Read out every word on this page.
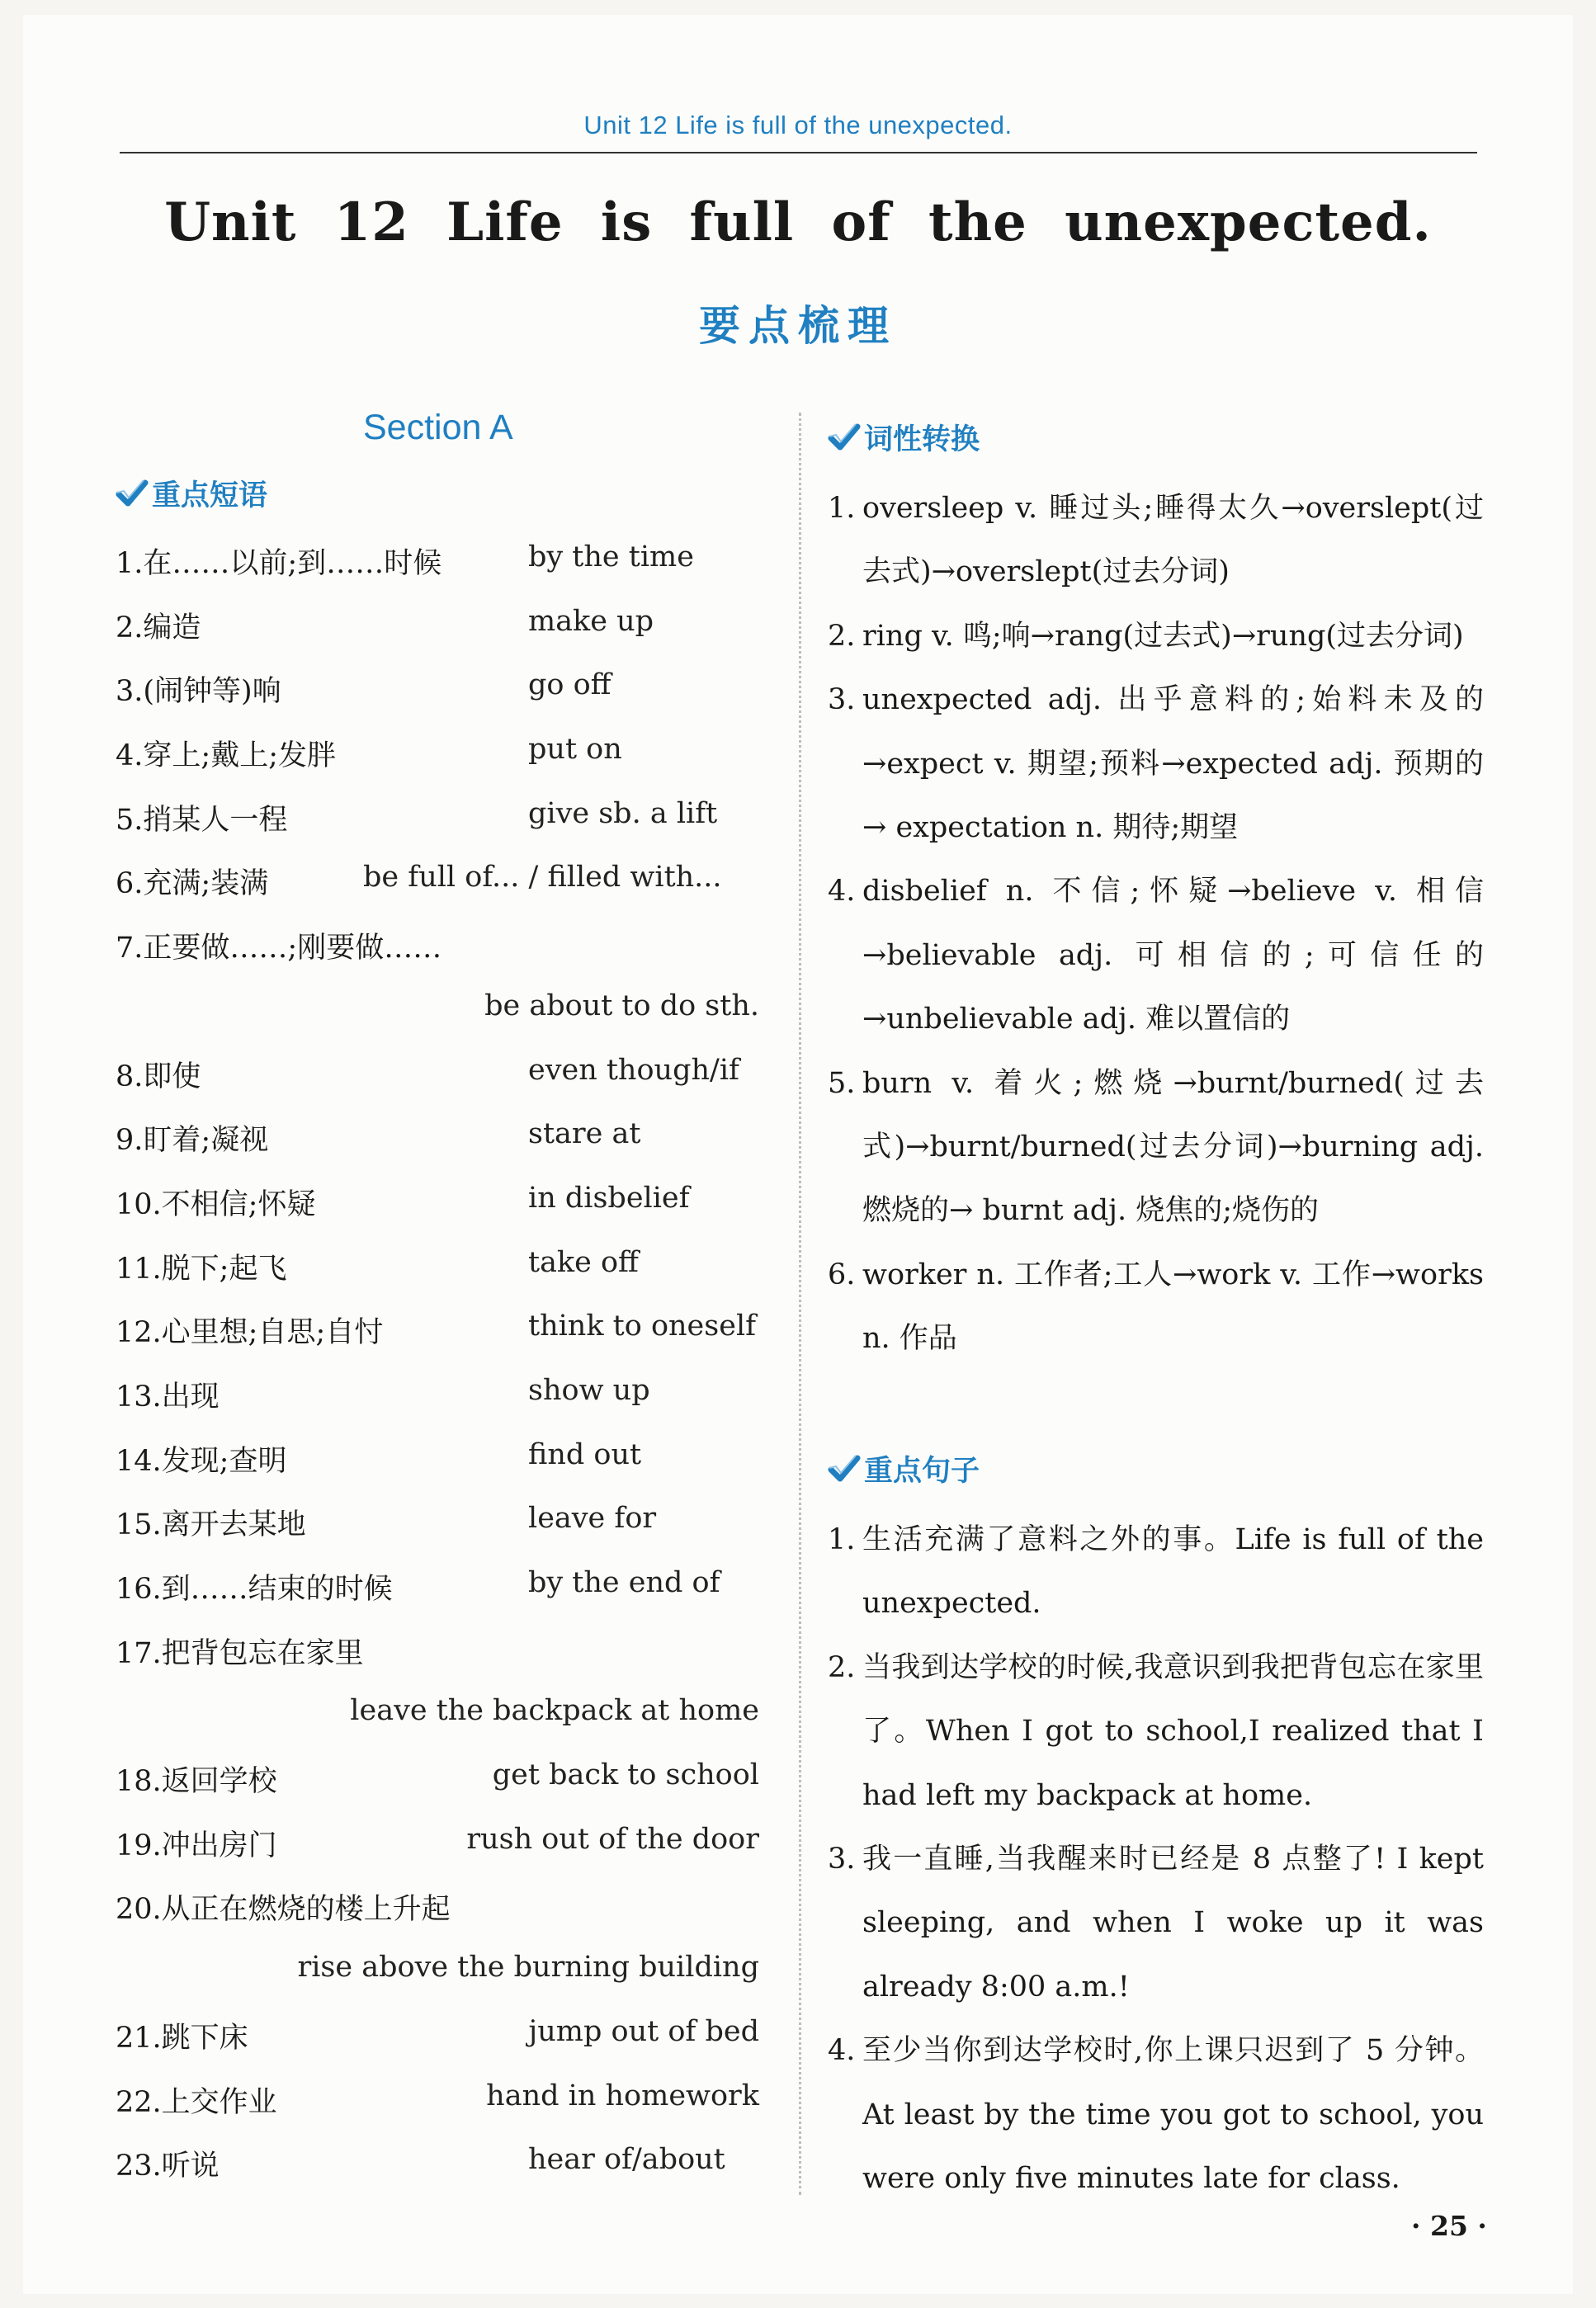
Unit 12 Life is full of the unexpected.
Unit 12 Life is full of the unexpected.
要点梳理
Section A
重点短语
1.在……以前;到……时候	by the time
2.编造	make up
3.(闹钟等)响	go off
4.穿上;戴上;发胖	put on
5.捎某人一程	give sb. a lift
6.充满;装满	be full of... / filled with...
7.正要做……;刚要做……
be about to do sth.
8.即使	even though/if
9.盯着;凝视	stare at
10.不相信;怀疑	in disbelief
11.脱下;起飞	take off
12.心里想;自思;自忖	think to oneself
13.出现	show up
14.发现;查明	find out
15.离开去某地	leave for
16.到……结束的时候	by the end of
17.把背包忘在家里
leave the backpack at home
18.返回学校	get back to school
19.冲出房门	rush out of the door
20.从正在燃烧的楼上升起
rise above the burning building
21.跳下床	jump out of bed
22.上交作业	hand in homework
23.听说	hear of/about
词性转换
1. oversleep v. 睡过头;睡得太久→overslept(过去式)→overslept(过去分词)
2. ring v. 鸣;响→rang(过去式)→rung(过去分词)
3. unexpected adj. 出乎意料的;始料未及的→expect v. 期望;预料→expected adj. 预期的→ expectation n. 期待;期望
4. disbelief n. 不信;怀疑→believe v. 相信→believable adj. 可相信的;可信任的→unbelievable adj. 难以置信的
5. burn v. 着火;燃烧→burnt/burned(过去式)→burnt/burned(过去分词)→burning adj. 燃烧的→ burnt adj. 烧焦的;烧伤的
6. worker n. 工作者;工人→work v. 工作→works n. 作品
重点句子
1. 生活充满了意料之外的事。Life is full of the unexpected.
2. 当我到达学校的时候,我意识到我把背包忘在家里了。When I got to school,I realized that I had left my backpack at home.
3. 我一直睡,当我醒来时已经是 8 点整了! I kept sleeping, and when I woke up it was already 8:00 a.m.!
4. 至少当你到达学校时,你上课只迟到了 5 分钟。At least by the time you got to school, you were only five minutes late for class.
· 25 ·
